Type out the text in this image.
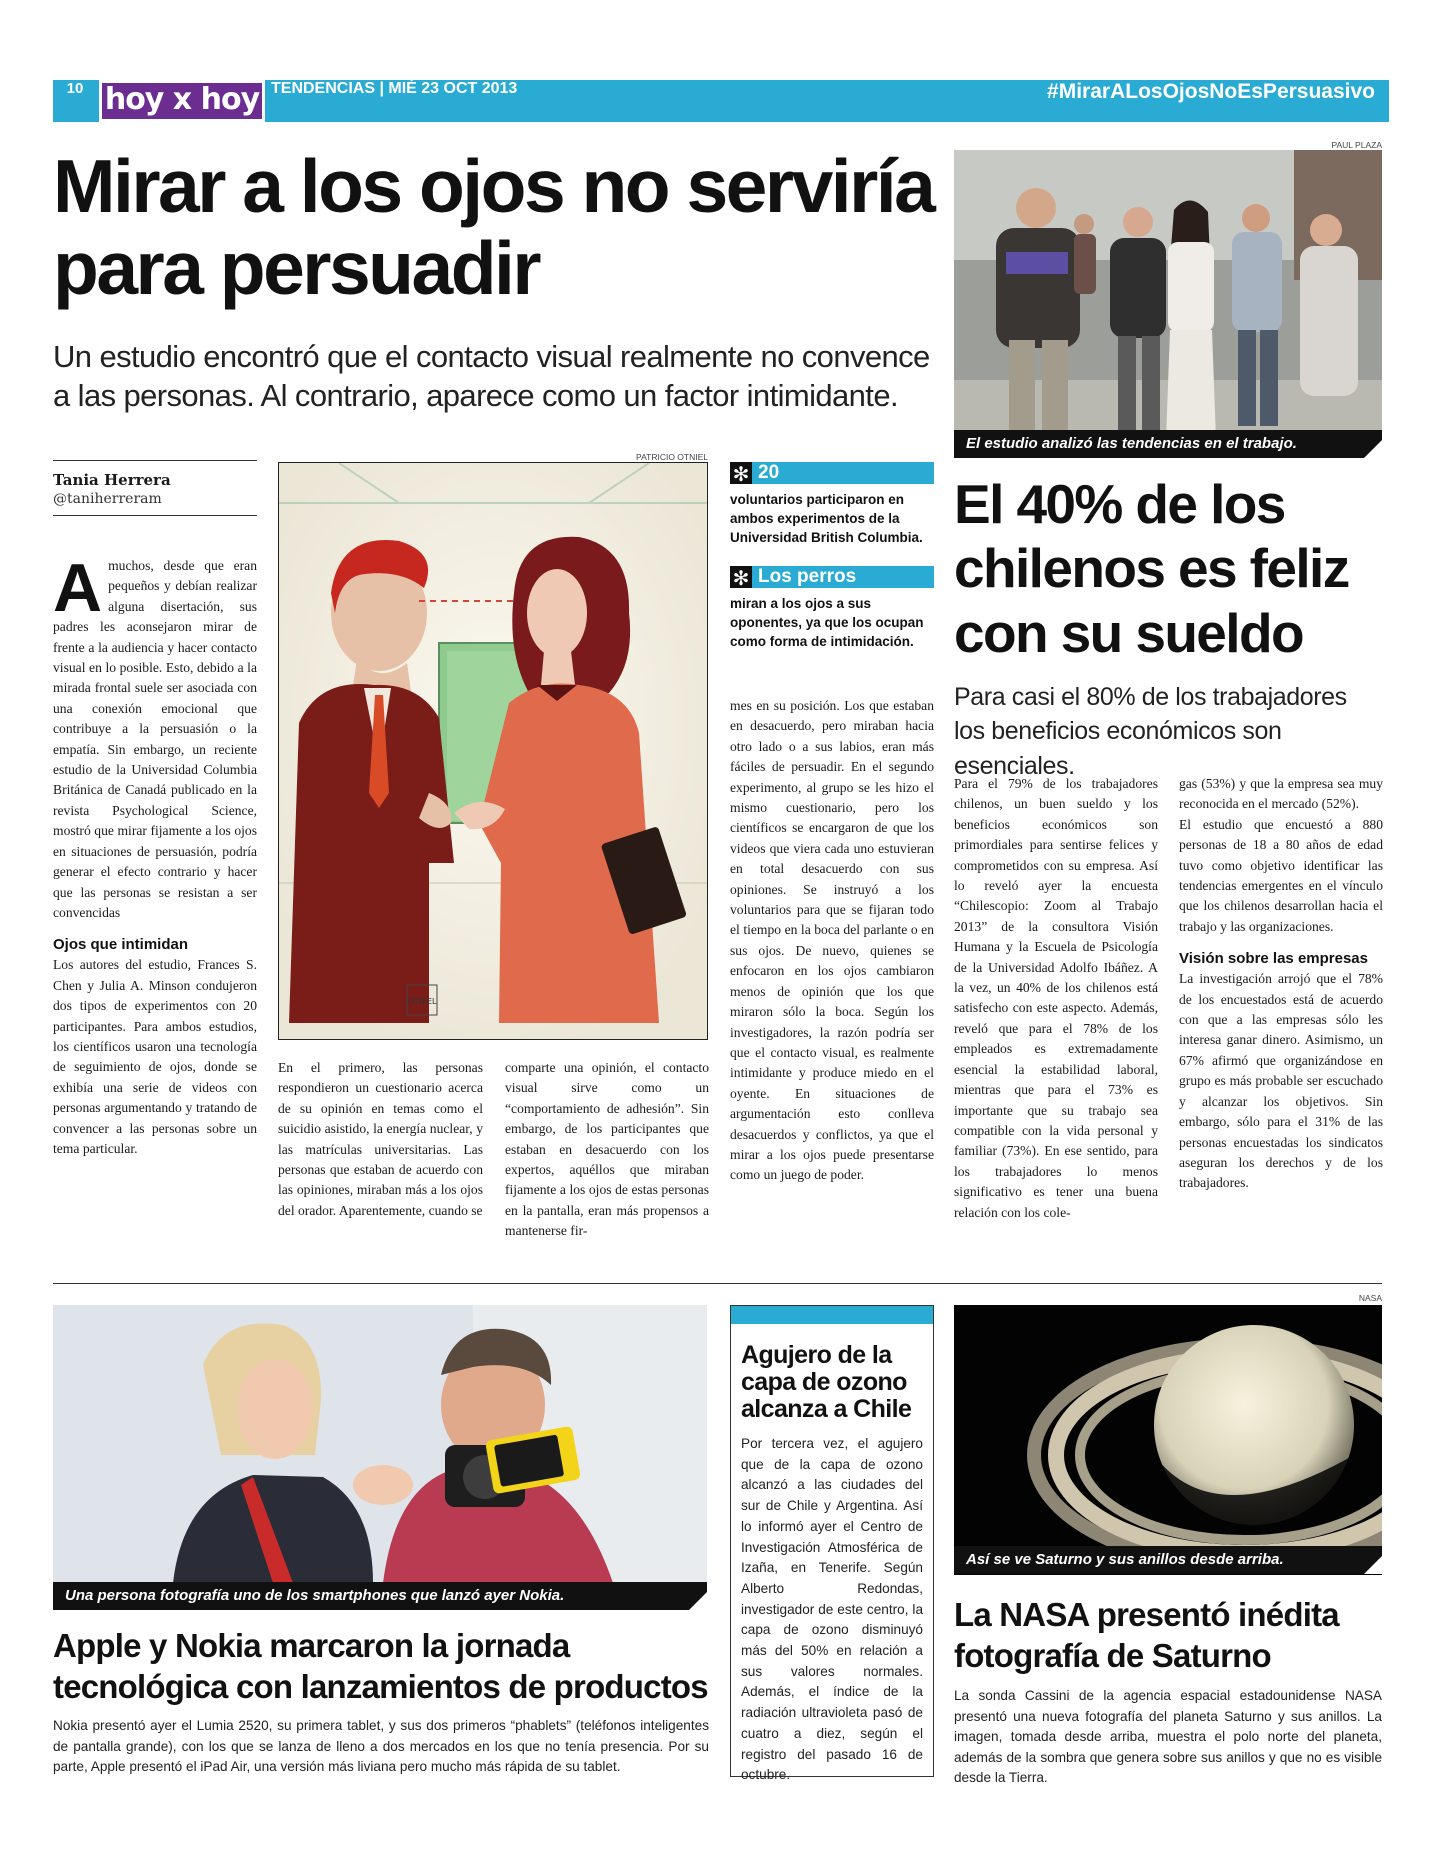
10 hoy x hoy TENDENCIAS | MIÉ 23 OCT 2013	#MirarALosOjosNoEsPersuasivo
Mirar a los ojos no serviría para persuadir
Un estudio encontró que el contacto visual realmente no convence a las personas. Al contrario, aparece como un factor intimidante.
Tania Herrera
@taniherreram

Amuchos, desde que eran pequeños y debían realizar alguna disertación, sus padres les aconsejaron mirar de frente a la audiencia y hacer contacto visual en lo posible. Esto, debido a la mirada frontal suele ser asociada con una conexión emocional que contribuye a la persuasión o la empatía. Sin embargo, un reciente estudio de la Universidad Columbia Británica de Canadá publicado en la revista Psychological Science, mostró que mirar fijamente a los ojos en situaciones de persuasión, podría generar el efecto contrario y hacer que las personas se resistan a ser convencidas

Ojos que intimidan

Los autores del estudio, Frances S. Chen y Julia A. Minson condujeron dos tipos de experimentos con 20 participantes. Para ambos estudios, los científicos usaron una tecnología de seguimiento de ojos, donde se exhibía una serie de videos con personas argumentando y tratando de convencer a las personas sobre un tema particular.

PATRICIO OTNIEL
OTNIEL

En el primero, las personas respondieron un cuestionario acerca de su opinión en temas como el suicidio asistido, la energía nuclear, y las matrículas universitarias. Las personas que estaban de acuerdo con las opiniones, miraban más a los ojos del orador. Aparentemente, cuando se

comparte una opinión, el contacto visual sirve como un “comportamiento de adhesión”. Sin embargo, de los participantes que estaban en desacuerdo con los expertos, aquéllos que miraban fijamente a los ojos de estas personas en la pantalla, eran más propensos a mantenerse fir-

✻ 20
voluntarios participaron en ambos experimentos de la Universidad British Columbia.
✻ Los perros
miran a los ojos a sus oponentes, ya que los ocupan como forma de intimidación.

mes en su posición. Los que estaban en desacuerdo, pero miraban hacia otro lado o a sus labios, eran más fáciles de persuadir. En el segundo experimento, al grupo se les hizo el mismo cuestionario, pero los científicos se encargaron de que los videos que viera cada uno estuvieran en total desacuerdo con sus opiniones. Se instruyó a los voluntarios para que se fijaran todo el tiempo en la boca del parlante o en sus ojos. De nuevo, quienes se enfocaron en los ojos cambiaron menos de opinión que los que miraron sólo la boca. Según los investigadores, la razón podría ser que el contacto visual, es realmente intimidante y produce miedo en el oyente. En situaciones de argumentación esto conlleva desacuerdos y conflictos, ya que el mirar a los ojos puede presentarse como un juego de poder.

PAUL PLAZA
El estudio analizó las tendencias en el trabajo.
El 40% de los chilenos es feliz con su sueldo
Para casi el 80% de los trabajadores los beneficios económicos son esenciales.

Para el 79% de los trabajadores chilenos, un buen sueldo y los beneficios económicos son primordiales para sentirse felices y comprometidos con su empresa. Así lo reveló ayer la encuesta “Chilescopio: Zoom al Trabajo 2013” de la consultora Visión Humana y la Escuela de Psicología de la Universidad Adolfo Ibáñez. A la vez, un 40% de los chilenos está satisfecho con este aspecto. Además, reveló que para el 78% de los empleados es extremadamente esencial la estabilidad laboral, mientras que para el 73% es importante que su trabajo sea compatible con la vida personal y familiar (73%). En ese sentido, para los trabajadores lo menos significativo es tener una buena relación con los cole-

gas (53%) y que la empresa sea muy reconocida en el mercado (52%).

El estudio que encuestó a 880 personas de 18 a 80 años de edad tuvo como objetivo identificar las tendencias emergentes en el vínculo que los chilenos desarrollan hacia el trabajo y las organizaciones.

Visión sobre las empresas

La investigación arrojó que el 78% de los encuestados está de acuerdo con que a las empresas sólo les interesa ganar dinero. Asimismo, un 67% afirmó que organizándose en grupo es más probable ser escuchado y alcanzar los objetivos. Sin embargo, sólo para el 31% de las personas encuestadas los sindicatos aseguran los derechos y de los trabajadores.

Una persona fotografía uno de los smartphones que lanzó ayer Nokia.
Apple y Nokia marcaron la jornada tecnológica con lanzamientos de productos

Nokia presentó ayer el Lumia 2520, su primera tablet, y sus dos primeros “phablets” (teléfonos inteligentes de pantalla grande), con los que se lanza de lleno a dos mercados en los que no tenía presencia. Por su parte, Apple presentó el iPad Air, una versión más liviana pero mucho más rápida de su tablet.

Agujero de la capa de ozono alcanza a Chile

Por tercera vez, el agujero que de la capa de ozono alcanzó a las ciudades del sur de Chile y Argentina. Así lo informó ayer el Centro de Investigación Atmosférica de Izaña, en Tenerife. Según Alberto Redondas, investigador de este centro, la capa de ozono disminuyó más del 50% en relación a sus valores normales. Además, el índice de la radiación ultravioleta pasó de cuatro a diez, según el registro del pasado 16 de octubre.

NASA
Así se ve Saturno y sus anillos desde arriba.
La NASA presentó inédita fotografía de Saturno

La sonda Cassini de la agencia espacial estadounidense NASA presentó una nueva fotografía del planeta Saturno y sus anillos. La imagen, tomada desde arriba, muestra el polo norte del planeta, además de la sombra que genera sobre sus anillos y que no es visible desde la Tierra.
